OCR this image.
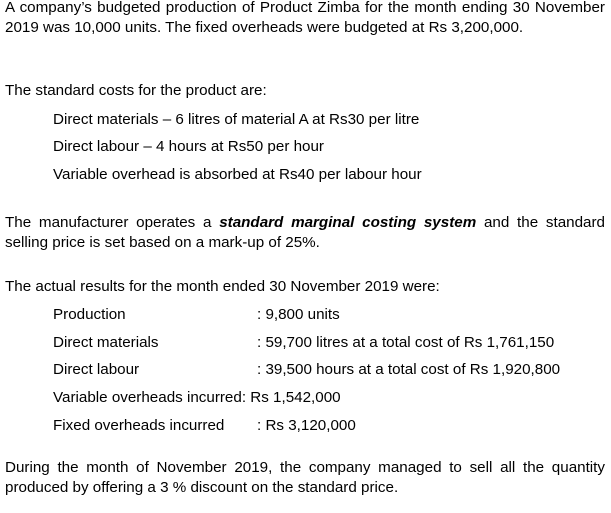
A company’s budgeted production of Product Zimba for the month ending 30 November 2019 was 10,000 units. The fixed overheads were budgeted at Rs 3,200,000.

The standard costs for the product are:
Direct materials – 6 litres of material A at Rs30 per litre
Direct labour – 4 hours at Rs50 per hour
Variable overhead is absorbed at Rs40 per labour hour

The manufacturer operates a standard marginal costing system and the standard selling price is set based on a mark-up of 25%.

The actual results for the month ended 30 November 2019 were:
Production	: 9,800 units
Direct materials	: 59,700 litres at a total cost of Rs 1,761,150
Direct labour	: 39,500 hours at a total cost of Rs 1,920,800
Variable overheads incurred: Rs 1,542,000
Fixed overheads incurred : Rs 3,120,000

During the month of November 2019, the company managed to sell all the quantity produced by offering a 3 % discount on the standard price.
